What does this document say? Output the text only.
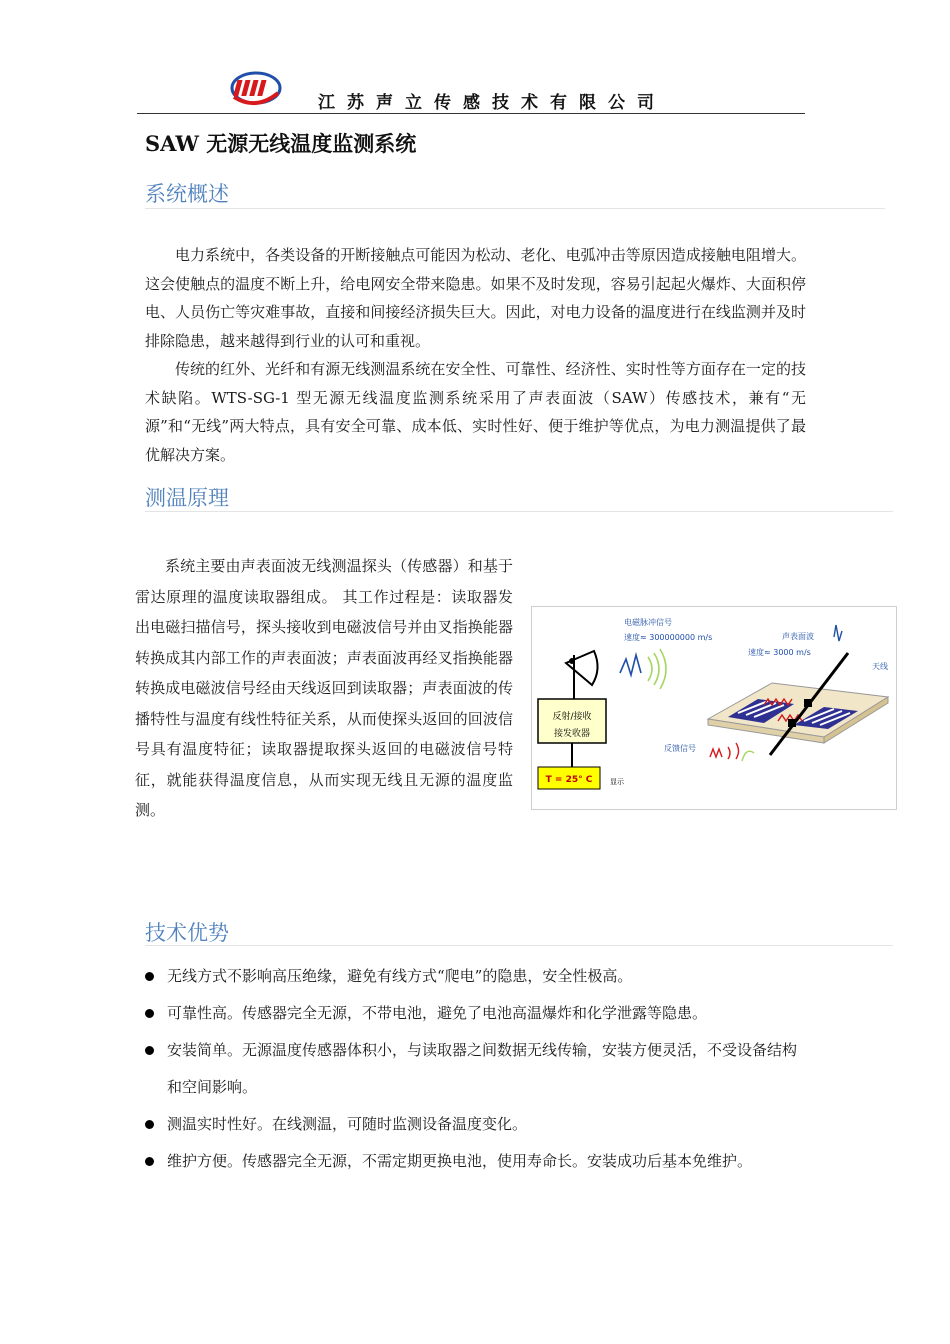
江苏声立传感技术有限公司
SAW 无源无线温度监测系统
系统概述

电力系统中，各类设备的开断接触点可能因为松动、老化、电弧冲击等原因造成接触电阻增大。这会使触点的温度不断上升，给电网安全带来隐患。如果不及时发现，容易引起起火爆炸、大面积停电、人员伤亡等灾难事故，直接和间接经济损失巨大。因此，对电力设备的温度进行在线监测并及时排除隐患，越来越得到行业的认可和重视。

传统的红外、光纤和有源无线测温系统在安全性、可靠性、经济性、实时性等方面存在一定的技术缺陷。WTS-SG-1 型无源无线温度监测系统采用了声表面波（SAW）传感技术，兼有“无源”和“无线”两大特点，具有安全可靠、成本低、实时性好、便于维护等优点，为电力测温提供了最优解决方案。

测温原理

系统主要由声表面波无线测温探头（传感器）和基于雷达原理的温度读取器组成。 其工作过程是：读取器发出电磁扫描信号，探头接收到电磁波信号并由叉指换能器转换成其内部工作的声表面波；声表面波再经叉指换能器转换成电磁波信号经由天线返回到读取器；声表面波的传播特性与温度有线性特征关系，从而使探头返回的回波信号具有温度特征；读取器提取探头返回的电磁波信号特征，就能获得温度信息，从而实现无线且无源的温度监测。

电磁脉冲信号
速度≈ 300000000 m/s
反射/接收
接发收器
T = 25° C	显示
声表面波
速度≈ 3000 m/s
天线
反馈信号
技术优势
无线方式不影响高压绝缘，避免有线方式“爬电”的隐患，安全性极高。
可靠性高。传感器完全无源，不带电池，避免了电池高温爆炸和化学泄露等隐患。
安装简单。无源温度传感器体积小，与读取器之间数据无线传输，安装方便灵活，不受设备结构和空间影响。
测温实时性好。在线测温，可随时监测设备温度变化。
维护方便。传感器完全无源，不需定期更换电池，使用寿命长。安装成功后基本免维护。
